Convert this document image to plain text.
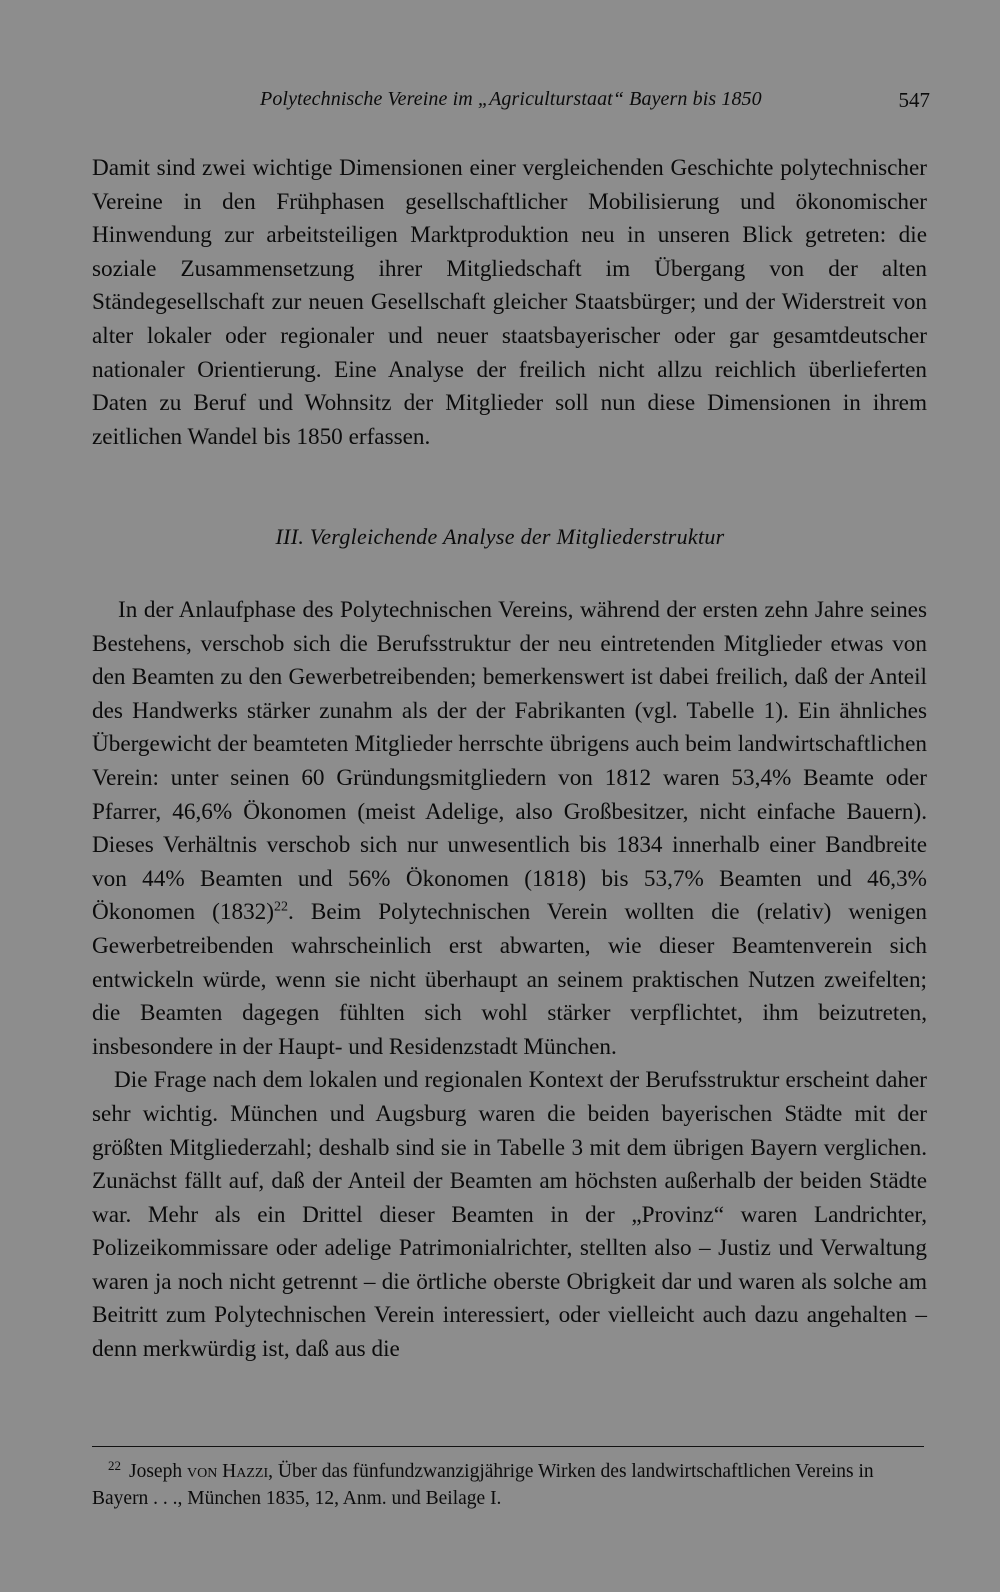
Polytechnische Vereine im „Agriculturstaat“ Bayern bis 1850	547

Damit sind zwei wichtige Dimensionen einer vergleichenden Geschichte polytechnischer Vereine in den Frühphasen gesellschaftlicher Mobilisierung und ökonomischer Hinwendung zur arbeitsteiligen Marktproduktion neu in unseren Blick getreten: die soziale Zusammensetzung ihrer Mitgliedschaft im Übergang von der alten Ständegesellschaft zur neuen Gesellschaft gleicher Staatsbürger; und der Widerstreit von alter lokaler oder regionaler und neuer staatsbayerischer oder gar gesamtdeutscher nationaler Orientierung. Eine Analyse der freilich nicht allzu reichlich überlieferten Daten zu Beruf und Wohnsitz der Mitglieder soll nun diese Dimensionen in ihrem zeitlichen Wandel bis 1850 erfassen.

III. Vergleichende Analyse der Mitgliederstruktur

In der Anlaufphase des Polytechnischen Vereins, während der ersten zehn Jahre seines Bestehens, verschob sich die Berufsstruktur der neu eintretenden Mitglieder etwas von den Beamten zu den Gewerbetreibenden; bemerkenswert ist dabei freilich, daß der Anteil des Handwerks stärker zunahm als der der Fabrikanten (vgl. Tabelle 1). Ein ähnliches Übergewicht der beamteten Mitglieder herrschte übrigens auch beim landwirtschaftlichen Verein: unter seinen 60 Gründungsmitgliedern von 1812 waren 53,4% Beamte oder Pfarrer, 46,6% Ökonomen (meist Adelige, also Großbesitzer, nicht einfache Bauern). Dieses Verhältnis verschob sich nur unwesentlich bis 1834 innerhalb einer Bandbreite von 44% Beamten und 56% Ökonomen (1818) bis 53,7% Beamten und 46,3% Ökonomen $(1832)^{22}$. Beim Polytechnischen Verein wollten die (relativ) wenigen Gewerbetreibenden wahrscheinlich erst abwarten, wie dieser Beamtenverein sich entwickeln würde, wenn sie nicht überhaupt an seinem praktischen Nutzen zweifelten; die Beamten dagegen fühlten sich wohl stärker verpflichtet, ihm beizutreten, insbesondere in der Haupt- und Residenzstadt München.

Die Frage nach dem lokalen und regionalen Kontext der Berufsstruktur erscheint daher sehr wichtig. München und Augsburg waren die beiden bayerischen Städte mit der größten Mitgliederzahl; deshalb sind sie in Tabelle 3 mit dem übrigen Bayern verglichen. Zunächst fällt auf, daß der Anteil der Beamten am höchsten außerhalb der beiden Städte war. Mehr als ein Drittel dieser Beamten in der „Provinz“ waren Landrichter, Polizeikommissare oder adelige Patrimonialrichter, stellten also – Justiz und Verwaltung waren ja noch nicht getrennt – die örtliche oberste Obrigkeit dar und waren als solche am Beitritt zum Polytechnischen Verein interessiert, oder vielleicht auch dazu angehalten – denn merkwürdig ist, daß aus die

$^{22}$ Joseph von Hazzi, Über das fünfundzwanzigjährige Wirken des landwirtschaftlichen Vereins in Bayern . . ., München 1835, 12, Anm. und Beilage I.
